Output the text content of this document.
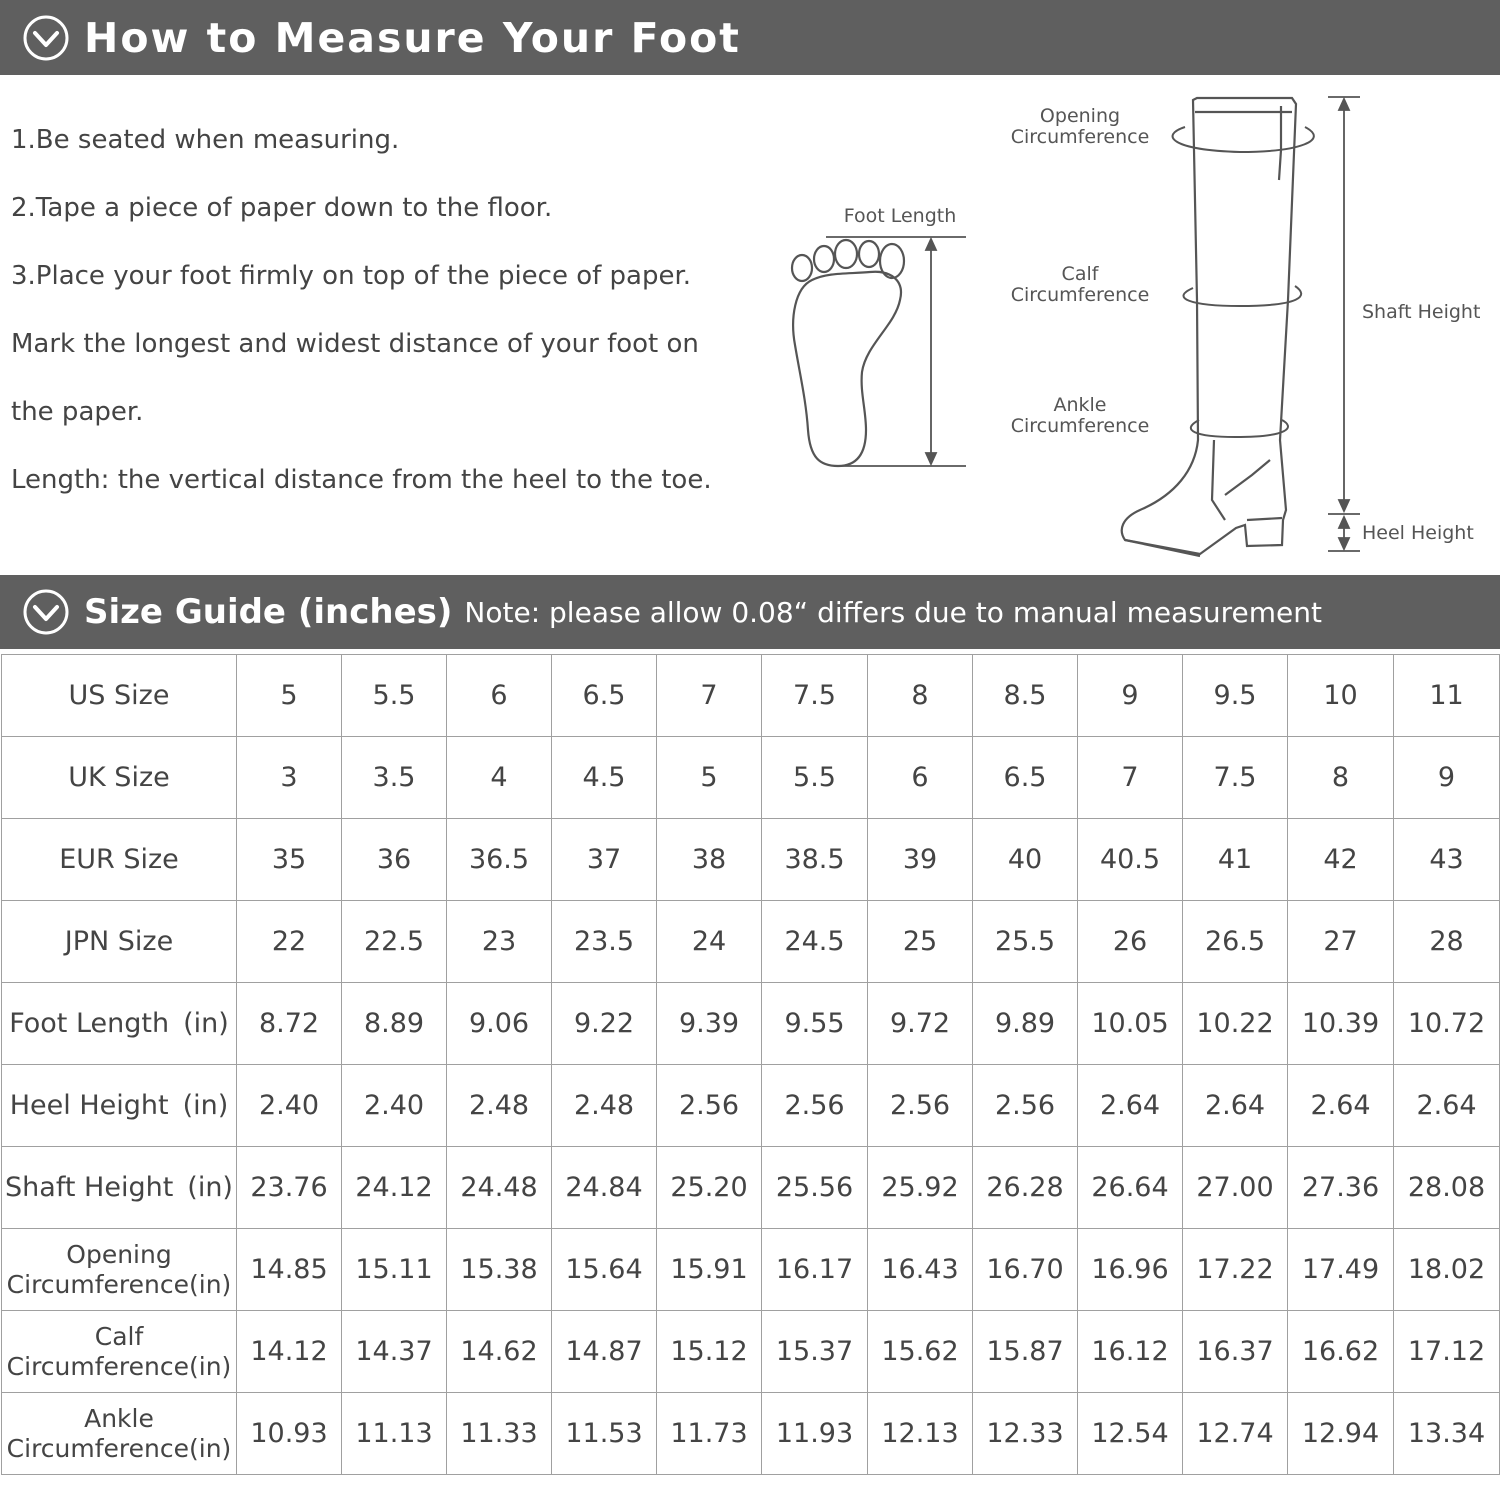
How to Measure Your Foot
1.Be seated when measuring.
2.Tape a piece of paper down to the floor.
3.Place your foot firmly on top of the piece of paper.
Mark the longest and widest distance of your foot on
the paper.
Length: the vertical distance from the heel to the toe.
Foot Length
Opening
Circumference
Calf
Circumference
Ankle
Circumference
Shaft Height
Heel Height
Size Guide (inches) Note: please allow 0.08“ differs due to manual measurement
US Size	5	5.5	6	6.5	7	7.5	8	8.5	9	9.5	10	11
UK Size	3	3.5	4	4.5	5	5.5	6	6.5	7	7.5	8	9
EUR Size	35	36	36.5	37	38	38.5	39	40	40.5	41	42	43
JPN Size	22	22.5	23	23.5	24	24.5	25	25.5	26	26.5	27	28
Foot Length (in)	8.72	8.89	9.06	9.22	9.39	9.55	9.72	9.89	10.05	10.22	10.39	10.72
Heel Height (in)	2.40	2.40	2.48	2.48	2.56	2.56	2.56	2.56	2.64	2.64	2.64	2.64
Shaft Height (in)	23.76	24.12	24.48	24.84	25.20	25.56	25.92	26.28	26.64	27.00	27.36	28.08
Opening
Circumference(in)	14.85	15.11	15.38	15.64	15.91	16.17	16.43	16.70	16.96	17.22	17.49	18.02
Calf
Circumference(in)	14.12	14.37	14.62	14.87	15.12	15.37	15.62	15.87	16.12	16.37	16.62	17.12
Ankle
Circumference(in)	10.93	11.13	11.33	11.53	11.73	11.93	12.13	12.33	12.54	12.74	12.94	13.34
